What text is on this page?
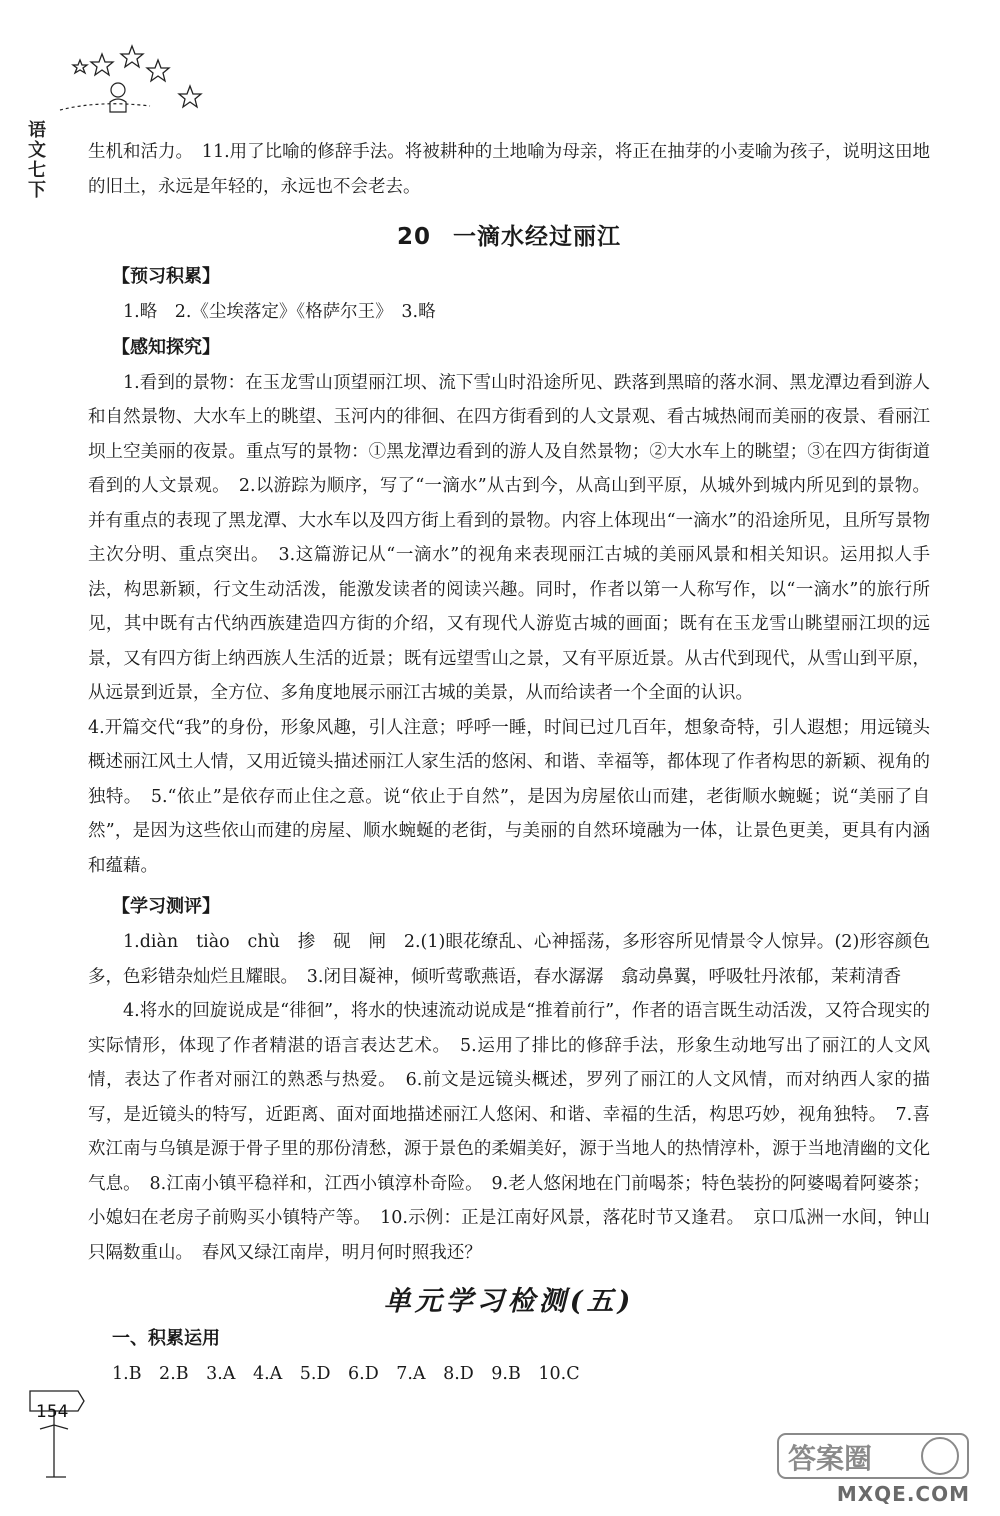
语文七下 生机和活力。　11.用了比喻的修辞手法。将被耕种的土地喻为母亲，将正在抽芽的小麦喻为孩子，说明这田地的旧土，永远是年轻的，永远也不会老去。

20 一滴水经过丽江
【预习积累】

1.略　2.《尘埃落定》《格萨尔王》　3.略

【感知探究】

1.看到的景物：在玉龙雪山顶望丽江坝、流下雪山时沿途所见、跌落到黑暗的落水洞、黑龙潭边看到游人和自然景物、大水车上的眺望、玉河内的徘徊、在四方街看到的人文景观、看古城热闹而美丽的夜景、看丽江坝上空美丽的夜景。重点写的景物：①黑龙潭边看到的游人及自然景物；②大水车上的眺望；③在四方街街道看到的人文景观。　2.以游踪为顺序，写了“一滴水”从古到今，从高山到平原，从城外到城内所见到的景物。并有重点的表现了黑龙潭、大水车以及四方街上看到的景物。内容上体现出“一滴水”的沿途所见，且所写景物主次分明、重点突出。　3.这篇游记从“一滴水”的视角来表现丽江古城的美丽风景和相关知识。运用拟人手法，构思新颖，行文生动活泼，能激发读者的阅读兴趣。同时，作者以第一人称写作，以“一滴水”的旅行所见，其中既有古代纳西族建造四方街的介绍，又有现代人游览古城的画面；既有在玉龙雪山眺望丽江坝的远景，又有四方街上纳西族人生活的近景；既有远望雪山之景，又有平原近景。从古代到现代，从雪山到平原，从远景到近景，全方位、多角度地展示丽江古城的美景，从而给读者一个全面的认识。

4.开篇交代“我”的身份，形象风趣，引人注意；呼呼一睡，时间已过几百年，想象奇特，引人遐想；用远镜头概述丽江风土人情，又用近镜头描述丽江人家生活的悠闲、和谐、幸福等，都体现了作者构思的新颖、视角的独特。　5.“依止”是依存而止住之意。说“依止于自然”，是因为房屋依山而建，老街顺水蜿蜒；说“美丽了自然”，是因为这些依山而建的房屋、顺水蜿蜒的老街，与美丽的自然环境融为一体，让景色更美，更具有内涵和蕴藉。

【学习测评】

1.diàn　tiào　chù　掺　砚　闸　2.(1)眼花缭乱、心神摇荡，多形容所见情景令人惊异。(2)形容颜色多，色彩错杂灿烂且耀眼。　3.闭目凝神，倾听莺歌燕语，春水潺潺　翕动鼻翼，呼吸牡丹浓郁，茉莉清香

4.将水的回旋说成是“徘徊”，将水的快速流动说成是“推着前行”，作者的语言既生动活泼，又符合现实的实际情形，体现了作者精湛的语言表达艺术。　5.运用了排比的修辞手法，形象生动地写出了丽江的人文风情，表达了作者对丽江的熟悉与热爱。　6.前文是远镜头概述，罗列了丽江的人文风情，而对纳西人家的描写，是近镜头的特写，近距离、面对面地描述丽江人悠闲、和谐、幸福的生活，构思巧妙，视角独特。　7.喜欢江南与乌镇是源于骨子里的那份清愁，源于景色的柔媚美好，源于当地人的热情淳朴，源于当地清幽的文化气息。　8.江南小镇平稳祥和，江西小镇淳朴奇险。　9.老人悠闲地在门前喝茶；特色装扮的阿婆喝着阿婆茶；小媳妇在老房子前购买小镇特产等。　10.示例：正是江南好风景，落花时节又逢君。　京口瓜洲一水间，钟山只隔数重山。　春风又绿江南岸，明月何时照我还？

单元学习检测(五)
一、积累运用
1.B　2.B　3.A　4.A　5.D　6.D　7.A　8.D　9.B　10.C
154
答案圈
MXQE.COM
